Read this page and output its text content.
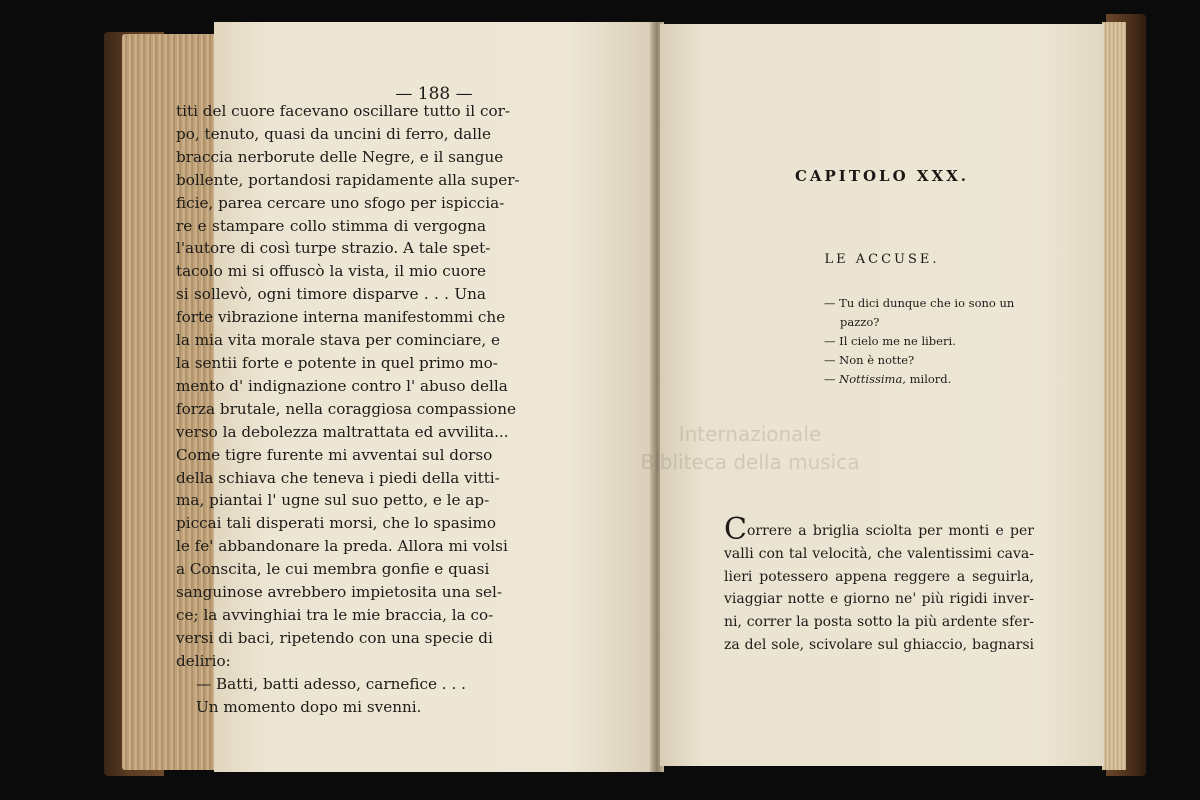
— 188 —
CAPITOLO XXX.
LE ACCUSE.
titi del cuore facevano oscillare tutto il cor-
po, tenuto, quasi da uncini di ferro, dalle
braccia nerborute delle Negre, e il sangue
bollente, portandosi rapidamente alla super-
ficie, parea cercare uno sfogo per ispicciа-
re e stampare collo stimma di vergogna
l'autore di così turpe strazio. A tale spet-
tacolo mi si offuscò la vista, il mio cuore
si sollevò, ogni timore disparve . . . Una
forte vibrazione interna manifestommi che
la mia vita morale stava per cominciare, e
la sentii forte e potente in quel primo mo-
mento d' indignazione contro l' abuso della
forza brutale, nella coraggiosa compassione
verso la debolezza maltrattata ed avvilita...
Come tigre furente mi avventai sul dorso
della schiava che teneva i piedi della vitti-
ma, piantai l' ugne sul suo petto, e le ap-
piccai tali disperati morsi, che lo spasimo
le fe' abbandonare la preda. Allora mi volsi
a Conscita, le cui membra gonfie e quasi
sanguinose avrebbero impietosita una sel-
ce; la avvinghiai tra le mie braccia, la co-
versi di baci, ripetendo con una specie di
delirio:
— Batti, batti adesso, carnefice . . .
Un momento dopo mi svenni.
— Tu dici dunque che io sono un
pazzo?
— Il cielo me ne liberi.
— Non è notte?
— Nottissima, milord.
Correre a briglia sciolta per monti e per
valli con tal velocità, che valentissimi cava-
lieri potessero appena reggere a seguirla,
viaggiar notte e giorno ne' più rigidi inver-
ni, correr la posta sotto la più ardente sfer-
za del sole, scivolare sul ghiaccio, bagnarsi
Internazionale
Bibliteca della musica
